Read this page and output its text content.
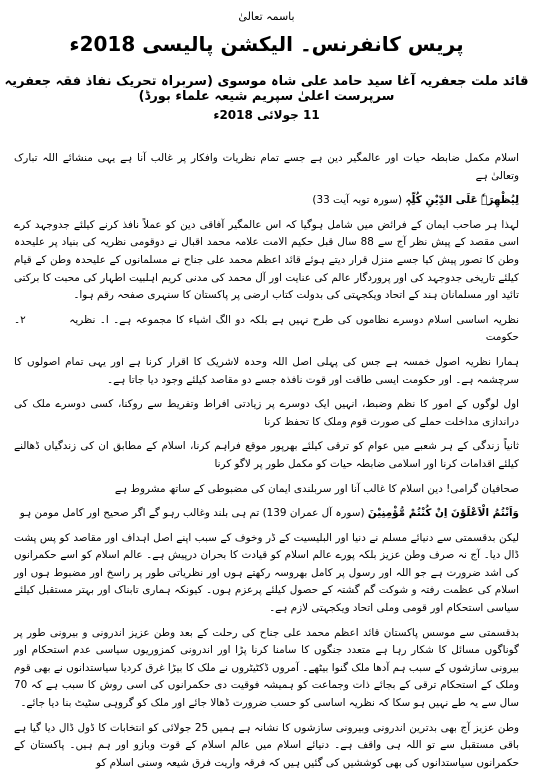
باسمہ تعالیٰ
پریس کانفرنس۔ الیکشن پالیسی 2018ء
قائد ملت جعفریہ آغا سید حامد علی شاہ موسوی (سربراہ تحریک نفاذ فقہ جعفریہ سرپرست اعلیٰ سپریم شیعہ علماء بورڈ)
11 جولائی 2018ء

اسلام مکمل ضابطہ حیات اور عالمگیر دین ہے جسے تمام نظریات وافکار پر غالب آنا ہے یہی منشائے اللہ تبارک وتعالیٰ ہے

لِیُظْھِرَہٗ عَلَی الدِّیْنِ کُلِّہٖ (سورہ توبہ آیت 33)

لہذا ہر صاحب ایمان کے فرائض میں شامل ہوگیا کہ اس عالمگیر آفاقی دین کو عملاً نافذ کرنے کیلئے جدوجہد کرے اسی مقصد کے پیش نظر آج سے 88 سال قبل حکیم الامت علامہ محمد اقبال نے دوقومی نظریہ کی بنیاد پر علیحدہ وطن کا تصور پیش کیا جسے منزل قرار دیتے ہوئے قائد اعظم محمد علی جناح نے مسلمانوں کے علیحدہ وطن کے قیام کیلئے تاریخی جدوجہد کی اور پروردگار عالم کی عنایت اور آل محمد کی مدنی کریم اہلبیت اطہار کی محبت کا برکتی تائید اور مسلمانان ہند کے اتحاد ویکجہتی کی بدولت کتاب ارضی پر پاکستان کا سنہری صفحہ رقم ہوا۔

نظریہ اساسی اسلام دوسرے نظاموں کی طرح نہیں ہے بلکہ دو الگ اشیاء کا مجموعہ ہے۔ ا۔ نظریہ          ۲۔ حکومت

ہمارا نظریہ اصول خمسہ ہے جس کی پہلی اصل اللہ وحدہ لاشریک کا اقرار کرنا ہے اور یہی تمام اصولوں کا سرچشمہ ہے۔ اور حکومت ایسی طاقت اور قوت نافذہ جسے دو مقاصد کیلئے وجود دیا جاتا ہے۔

اول لوگوں کے امور کا نظم وضبط، انہیں ایک دوسرے پر زیادتی افراط وتفریط سے روکنا، کسی دوسرے ملک کی دراندازی مداخلت حملے کی صورت قوم وملک کا تحفظ کرنا

ثانیاً زندگی کے ہر شعبے میں عوام کو ترقی کیلئے بھرپور موقع فراہم کرنا، اسلام کے مطابق ان کی زندگیاں ڈھالنے کیلئے اقدامات کرنا اور اسلامی ضابطہ حیات کو مکمل طور پر لاگو کرنا

صحافیان گرامی! دین اسلام کا غالب آنا اور سربلندی ایمان کی مضبوطی کے ساتھ مشروط ہے

وَاَنْتُمُ الْاَعْلَوْنَ اِنْ کُنْتُمْ مُّؤْمِنِیْنَ (سورہ آل عمران 139) تم ہی بلند وغالب رہو گے اگر صحیح اور کامل مومن ہو

لیکن بدقسمتی سے دنیائے مسلم نے دنیا اور البلیسیت کے ڈر وخوف کے سبب اپنے اصل اہداف اور مقاصد کو پس پشت ڈال دیا۔ آج نہ صرف وطن عزیز بلکہ پورے عالم اسلام کو قیادت کا بحران درپیش ہے۔ عالم اسلام کو اسے حکمرانوں کی اشد ضرورت ہے جو اللہ اور رسول پر کامل بھروسہ رکھتے ہوں اور نظریاتی طور پر راسخ اور مضبوط ہوں اور اسلام کی عظمت رفتہ و شوکت گم گشتہ کے حصول کیلئے پرعزم ہوں۔ کیونکہ ہماری تابناک اور بہتر مستقبل کیلئے سیاسی استحکام اور قومی وملی اتحاد ویکجہتی لازم ہے۔

بدقسمتی سے موسس پاکستان قائد اعظم محمد علی جناح کی رحلت کے بعد وطن عزیز اندرونی و بیرونی طور پر گوناگوں مسائل کا شکار رہا ہے متعدد جنگوں کا سامنا کرنا پڑا اور اندرونی کمزوریوں سیاسی عدم استحکام اور بیرونی سازشوں کے سبب ہم آدھا ملک گنوا بیٹھے۔ آمروں ڈکٹیٹروں نے ملک کا بیڑا غرق کردیا سیاستدانوں نے بھی قوم وملک کے استحکام ترقی کے بجائے ذات وجماعت کو ہمیشہ فوقیت دی حکمرانوں کی اسی روش کا سبب ہے کہ 70 سال سے یہ طے نہیں ہو سکا کہ نظریہ اساسی کو حسب ضرورت ڈھالا جائے اور ملک کو گروہی سٹیٹ بنا دیا جائے۔

وطن عزیز آج بھی بدترین اندرونی وبیرونی سازشوں کا نشانہ ہے ہمیں 25 جولائی کو انتخابات کا ڈول ڈال دیا گیا ہے باقی مستقبل سے تو اللہ ہی واقف ہے۔ دنیائے اسلام میں عالم اسلام کے قوت وبازو اور ہم ہیں۔ پاکستان کے حکمرانوں سیاستدانوں کی بھی کوششیں کی گئیں ہیں کہ فرقہ واریت فرق شیعہ وسنی اسلام کو
